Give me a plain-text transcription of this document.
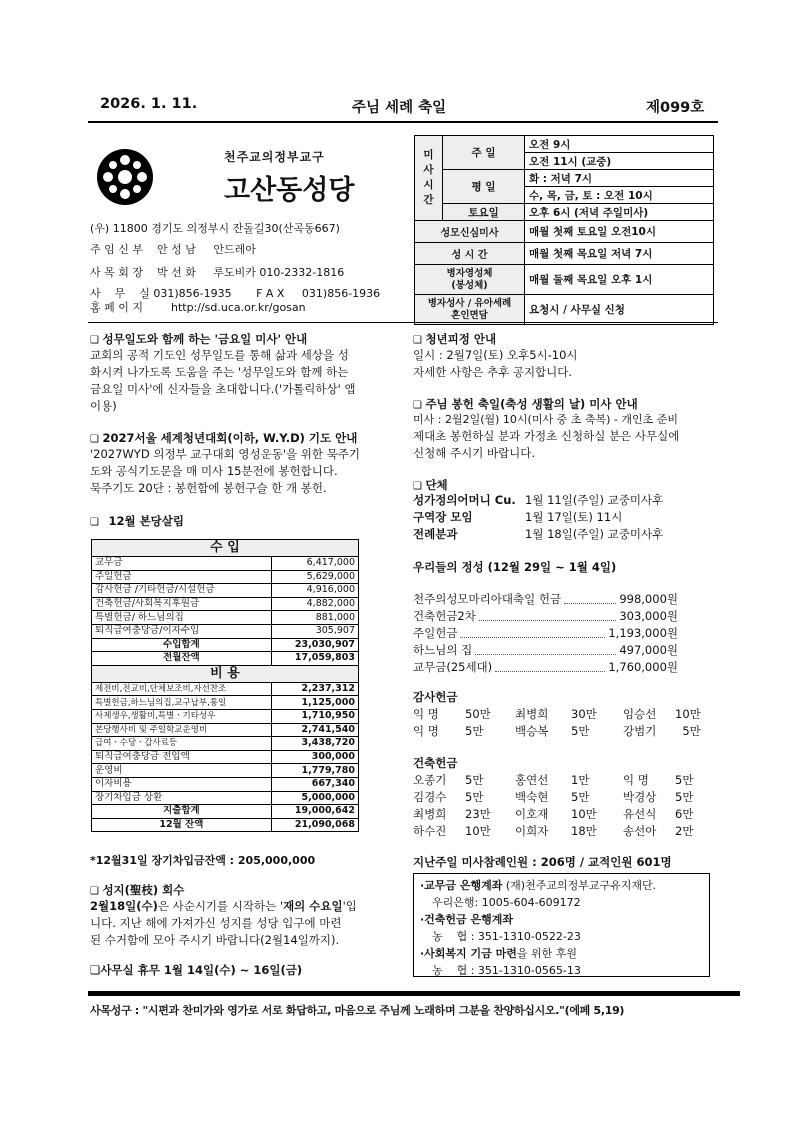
2026. 1. 11.	주님 세례 축일	제099호
천주교의정부교구
고산동성당
(우) 11800 경기도 의정부시 잔돌길30(산곡동667)
주 임 신 부    안 성 남     안드레아
사 목 회 장    박 선 화     루도비카 010-2332-1816
사    무    실 031)856-1935       F A X     031)856-1936
홈 페 이 지        http://sd.uca.or.kr/gosan
미
사
시
간	주 일	오전 9시
		오전 11시 (교중)
	평 일	화 : 저녁 7시
		수, 목, 금, 토 : 오전 10시
	토요일	오후 6시 (저녁 주일미사)
성모신심미사		매월 첫째 토요일 오전10시
성 시 간		매월 첫째 목요일 저녁 7시
병자영성체
(봉성체)		매월 둘째 목요일 오후 1시
병자성사 / 유아세례
혼인면담		요청시 / 사무실 신청
❑ 성무일도와 함께 하는 '금요일 미사' 안내
교회의 공적 기도인 성무일도를 통해 삶과 세상을 성
화시켜 나가도록 도움을 주는 '성무일도와 함께 하는
금요일 미사'에 신자들을 초대합니다.('가톨릭하상' 앱
이용)
❑ 2027서울 세계청년대회(이하, W.Y.D) 기도 안내
'2027WYD 의정부 교구대회 영성운동'을 위한 묵주기
도와 공식기도문을 매 미사 15분전에 봉헌합니다.
묵주기도 20단 : 봉헌함에 봉헌구슬 한 개 봉헌.
❑ 12월 본당살림
수 입	
교무금	6,417,000
주일헌금	5,629,000
감사헌금 /기타헌금/시설헌금	4,916,000
건축헌금/사회복지후원금	4,882,000
특별헌금/ 하느님의집	881,000
퇴직급여충당금/이자수입	305,907
수입합계	23,030,907
전월잔액	17,059,803
비 용	
제전비,전교비,단체보조비,자선찬조	2,237,312
특별헌금,하느님의집,교구납부,통일	1,125,000
사제생우,생활비,특별ㆍ기타성우	1,710,950
본당행사비 및 주일학교운영비	2,741,540
급여ㆍ수당ㆍ갑사료등	3,438,720
퇴직급여충당금 전입액	300,000
운영비	1,779,780
이자비용	667,340
장기차입금 상환	5,000,000
지출합계	19,000,642
12월 잔액	21,090,068
*12월31일 장기차입금잔액 : 205,000,000
❑ 성지(聖枝) 회수
2월18일(수)은 사순시기를 시작하는 '재의 수요일'입
니다. 지난 해에 가져가신 성지를 성당 입구에 마련
된 수거함에 모아 주시기 바랍니다(2월14일까지).
❑사무실 휴무 1월 14일(수) ~ 16일(금)
❑ 청년피정 안내
일시 : 2월7일(토) 오후5시-10시
자세한 사항은 추후 공지합니다.
❑ 주님 봉헌 축일(축성 생활의 날) 미사 안내
미사 : 2월2일(월) 10시(미사 중 초 축복) - 개인초 준비
제대초 봉헌하실 분과 가정초 신청하실 분은 사무실에
신청해 주시기 바랍니다.
❑ 단체
성가정의어머니 Cu. 1월 11일(주일) 교중미사후
구역장 모임	1월 17일(토) 11시
전례분과	1월 18일(주일) 교중미사후
우리들의 정성 (12월 29일 ~ 1월 4일)
천주의성모마리아대축일 헌금	998,000원
건축헌금2차	303,000원
주일헌금	1,193,000원
하느님의 집	497,000원
교무금(25세대)	1,760,000원
감사헌금
익 명	50만	최병희	30만	임승선	10만
익 명	5만	백승복	5만	강범기	5만
건축헌금
오종기	5만	홍연선	1만	익 명	5만
김경수	5만	백숙현	5만	박경상	5만
최병희	23만	이호재	10만	유선식	6만
하수진	10만	이희자	18만	송선아	2만
지난주일 미사참례인원 : 206명 / 교적인원 601명
·교무금 은행계좌 (재)천주교의정부교구유지재단.
우리은행: 1005-604-609172
·건축헌금 은행계좌
농    협 : 351-1310-0522-23
·사회복지 기금 마련을 위한 후원
농    협 : 351-1310-0565-13
사목성구 : "시편과 찬미가와 영가로 서로 화답하고, 마음으로 주님께 노래하며 그분을 찬양하십시오."(에페 5,19)
